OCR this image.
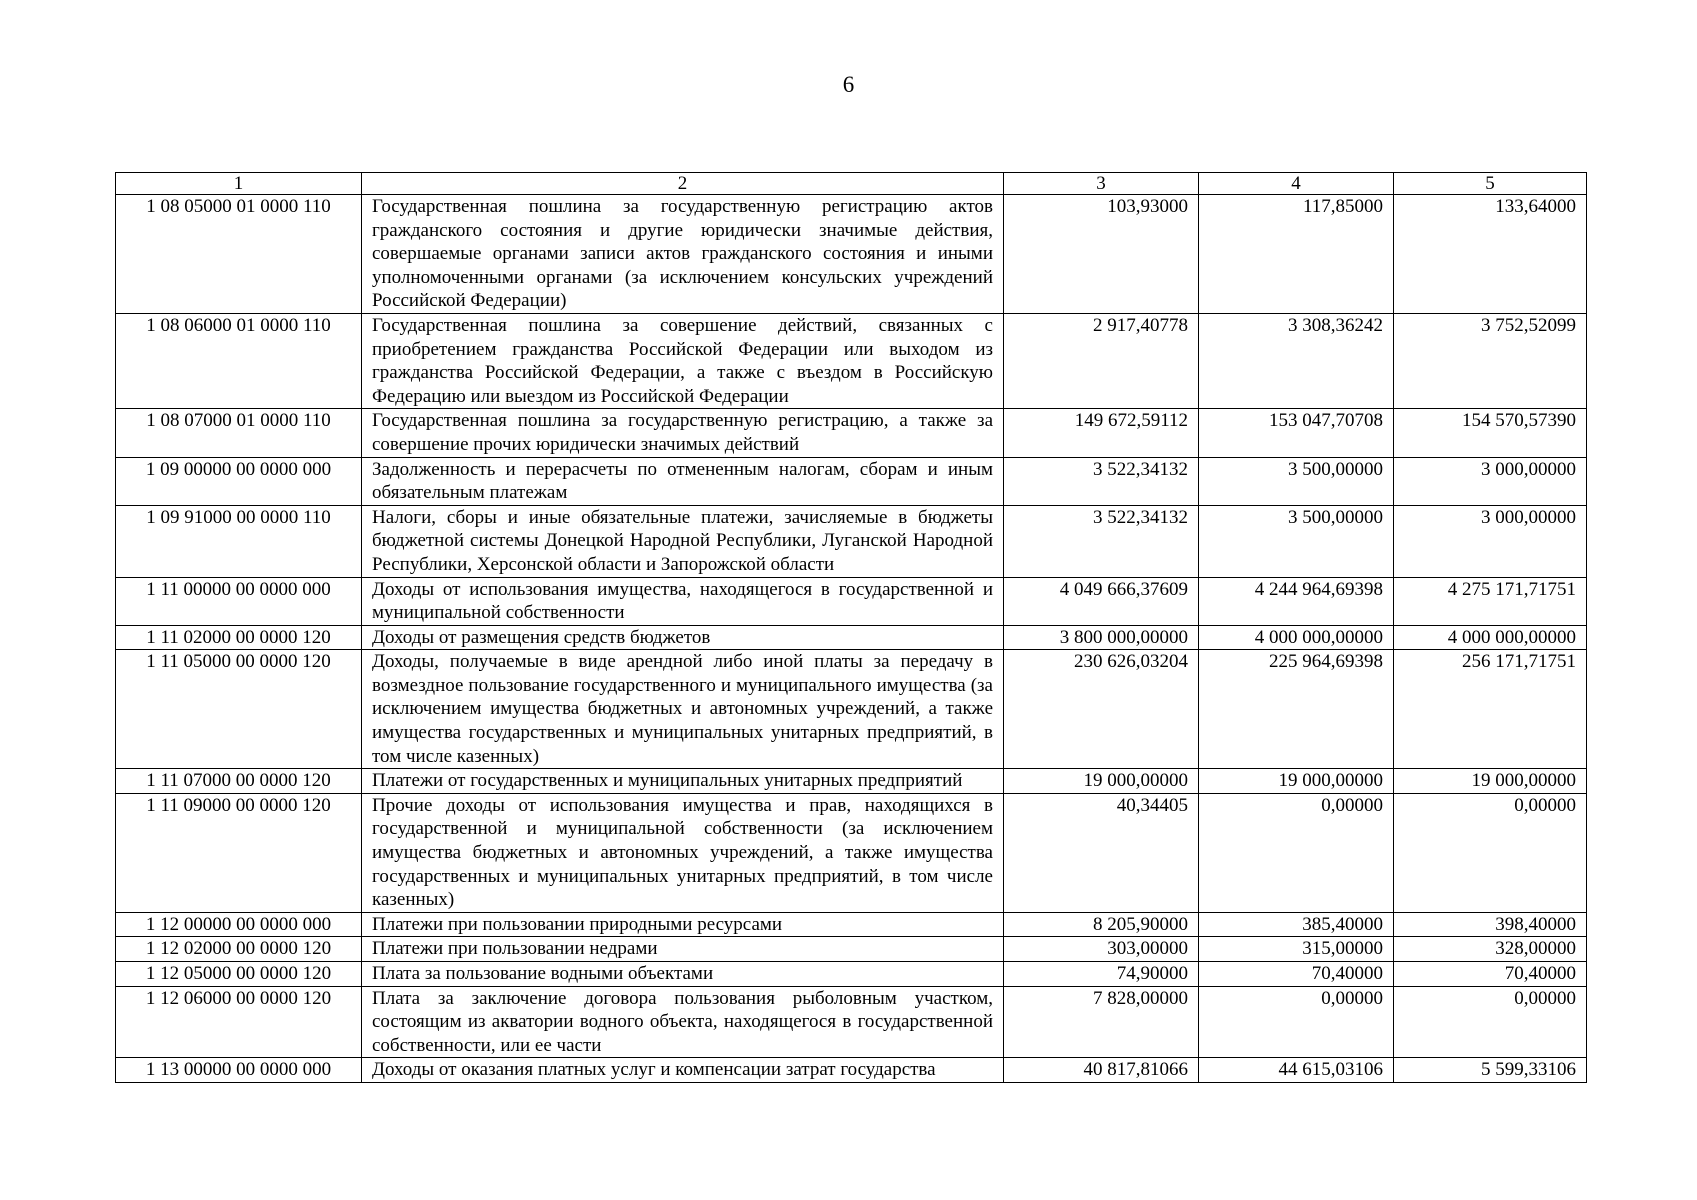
6
1	2	3	4	5
1 08 05000 01 0000 110	Государственная пошлина за государственную регистрацию актов гражданского состояния и другие юридически значимые действия, совершаемые органами записи актов гражданского состояния и иными уполномоченными органами (за исключением консульских учреждений Российской Федерации)	103,93000	117,85000	133,64000
1 08 06000 01 0000 110	Государственная пошлина за совершение действий, связанных с приобретением гражданства Российской Федерации или выходом из гражданства Российской Федерации, а также с въездом в Российскую Федерацию или выездом из Российской Федерации	2 917,40778	3 308,36242	3 752,52099
1 08 07000 01 0000 110	Государственная пошлина за государственную регистрацию, а также за совершение прочих юридически значимых действий	149 672,59112	153 047,70708	154 570,57390
1 09 00000 00 0000 000	Задолженность и перерасчеты по отмененным налогам, сборам и иным обязательным платежам	3 522,34132	3 500,00000	3 000,00000
1 09 91000 00 0000 110	Налоги, сборы и иные обязательные платежи, зачисляемые в бюджеты бюджетной системы Донецкой Народной Республики, Луганской Народной Республики, Херсонской области и Запорожской области	3 522,34132	3 500,00000	3 000,00000
1 11 00000 00 0000 000	Доходы от использования имущества, находящегося в государственной и муниципальной собственности	4 049 666,37609	4 244 964,69398	4 275 171,71751
1 11 02000 00 0000 120	Доходы от размещения средств бюджетов	3 800 000,00000	4 000 000,00000	4 000 000,00000
1 11 05000 00 0000 120	Доходы, получаемые в виде арендной либо иной платы за передачу в возмездное пользование государственного и муниципального имущества (за исключением имущества бюджетных и автономных учреждений, а также имущества государственных и муниципальных унитарных предприятий, в том числе казенных)	230 626,03204	225 964,69398	256 171,71751
1 11 07000 00 0000 120	Платежи от государственных и муниципальных унитарных предприятий	19 000,00000	19 000,00000	19 000,00000
1 11 09000 00 0000 120	Прочие доходы от использования имущества и прав, находящихся в государственной и муниципальной собственности (за исключением имущества бюджетных и автономных учреждений, а также имущества государственных и муниципальных унитарных предприятий, в том числе казенных)	40,34405	0,00000	0,00000
1 12 00000 00 0000 000	Платежи при пользовании природными ресурсами	8 205,90000	385,40000	398,40000
1 12 02000 00 0000 120	Платежи при пользовании недрами	303,00000	315,00000	328,00000
1 12 05000 00 0000 120	Плата за пользование водными объектами	74,90000	70,40000	70,40000
1 12 06000 00 0000 120	Плата за заключение договора пользования рыболовным участком, состоящим из акватории водного объекта, находящегося в государственной собственности, или ее части	7 828,00000	0,00000	0,00000
1 13 00000 00 0000 000	Доходы от оказания платных услуг и компенсации затрат государства	40 817,81066	44 615,03106	5 599,33106
